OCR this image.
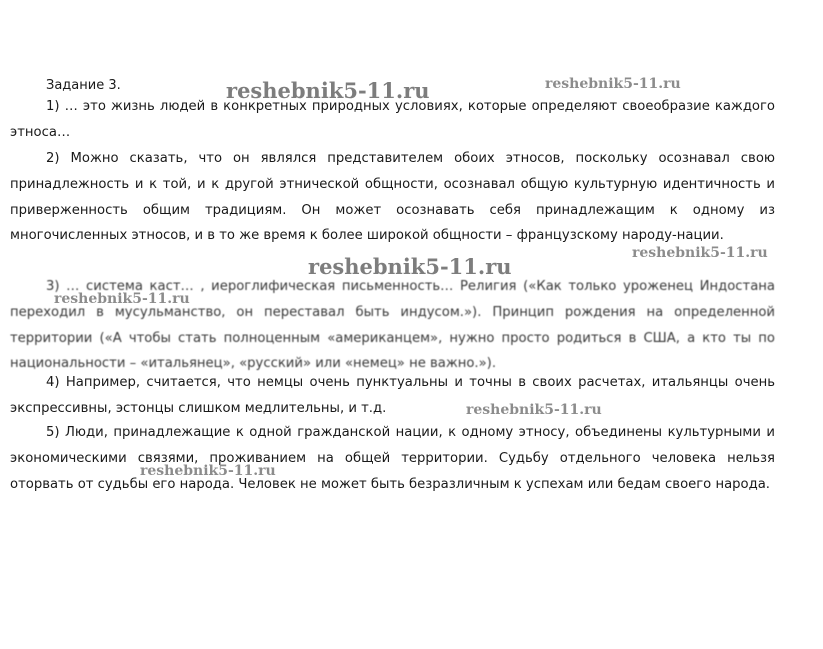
Задание 3.

1) … это жизнь людей в конкретных природных условиях, которые определяют своеобразие каждого этноса…

2) Можно сказать, что он являлся представителем обоих этносов, поскольку осознавал свою принадлежность и к той, и к другой этнической общности, осознавал общую культурную идентичность и приверженность общим традициям. Он может осознавать себя принадлежащим к одному из многочисленных этносов, и в то же время к более широкой общности – французскому народу-нации.

3) … система каст… , иероглифическая письменность… Религия («Как только уроженец Индостана переходил в мусульманство, он переставал быть индусом.»). Принцип рождения на определенной территории («А чтобы стать полноценным «американцем», нужно просто родиться в США, а кто ты по национальности – «итальянец», «русский» или «немец» не важно.»).

4) Например, считается, что немцы очень пунктуальны и точны в своих расчетах, итальянцы очень экспрессивны, эстонцы слишком медлительны, и т.д.

5) Люди, принадлежащие к одной гражданской нации, к одному этносу, объединены культурными и экономическими связями, проживанием на общей территории. Судьбу отдельного человека нельзя оторвать от судьбы его народа. Человек не может быть безразличным к успехам или бедам своего народа.

reshebnik5-11.ru	reshebnik5-11.ru
reshebnik5-11.ru
reshebnik5-11.ru
reshebnik5-11.ru
reshebnik5-11.ru
reshebnik5-11.ru
